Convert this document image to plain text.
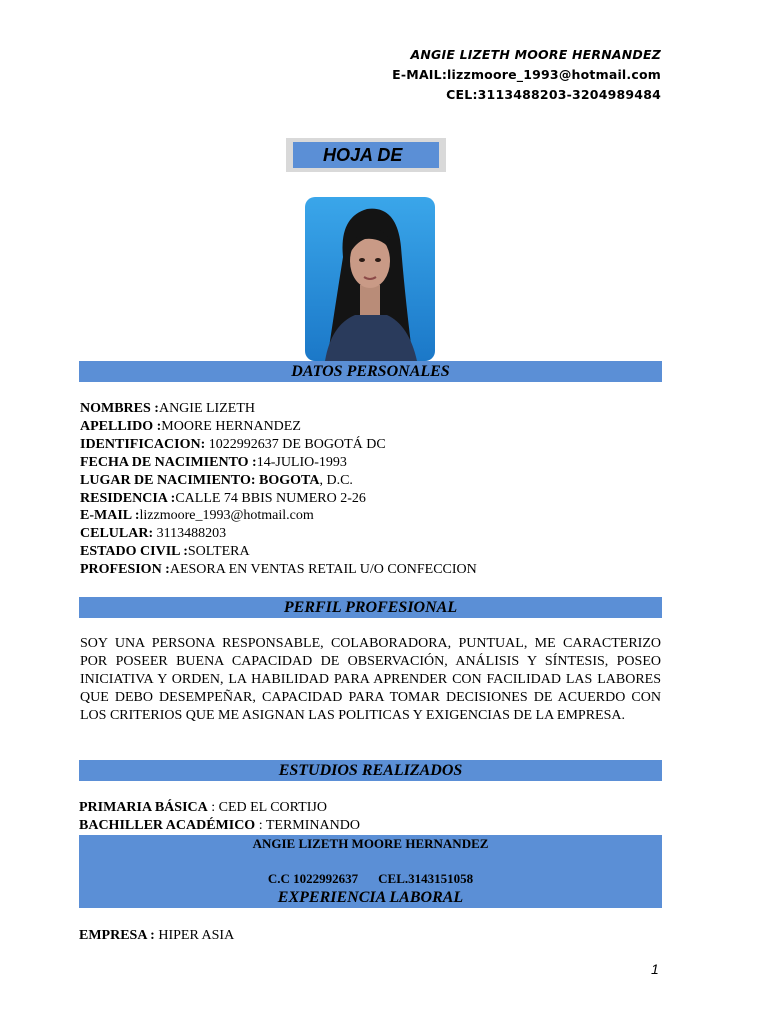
ANGIE LIZETH MOORE HERNANDEZ
E-MAIL:lizzmoore_1993@hotmail.com
CEL:3113488203-3204989484
HOJA DE
DATOS PERSONALES
NOMBRES :ANGIE LIZETH
APELLIDO :MOORE HERNANDEZ
IDENTIFICACION: 1022992637 DE BOGOTÁ DC
FECHA DE NACIMIENTO :14-JULIO-1993
LUGAR DE NACIMIENTO: BOGOTA, D.C.
RESIDENCIA :CALLE 74 BBIS NUMERO 2-26
E-MAIL :lizzmoore_1993@hotmail.com
CELULAR: 3113488203
ESTADO CIVIL :SOLTERA
PROFESION :AESORA EN VENTAS RETAIL U/O CONFECCION
PERFIL PROFESIONAL
SOY UNA PERSONA RESPONSABLE, COLABORADORA, PUNTUAL, ME CARACTERIZO POR POSEER BUENA CAPACIDAD DE OBSERVACIÓN, ANÁLISIS Y SÍNTESIS, POSEO INICIATIVA Y ORDEN, LA HABILIDAD PARA APRENDER CON FACILIDAD LAS LABORES QUE DEBO DESEMPEÑAR, CAPACIDAD PARA TOMAR DECISIONES DE ACUERDO CON LOS CRITERIOS QUE ME ASIGNAN LAS POLITICAS Y EXIGENCIAS DE LA EMPRESA.
ESTUDIOS REALIZADOS
PRIMARIA BÁSICA : CED EL CORTIJO
BACHILLER ACADÉMICO : TERMINANDO
ANGIE LIZETH MOORE HERNANDEZ
C.C 1022992637 CEL.3143151058
EXPERIENCIA LABORAL
EMPRESA : HIPER ASIA
1
